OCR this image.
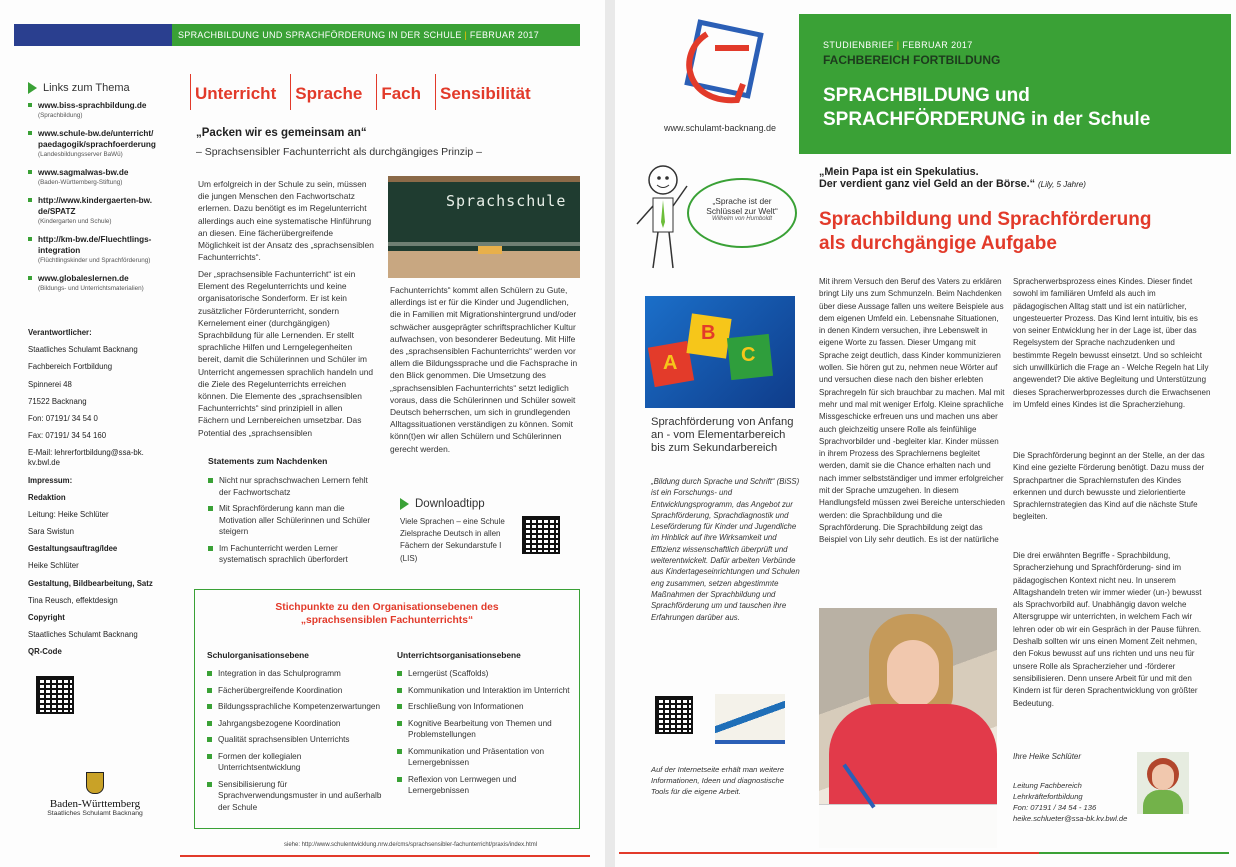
SPRACHBILDUNG UND SPRACHFÖRDERUNG IN DER SCHULE | FEBRUAR 2017
Links zum Thema
www.biss-sprachbildung.de
(Sprachbildung)
www.schule-bw.de/unterricht/ paedagogik/sprachfoerderung
(Landesbildungsserver BaWü)
www.sagmalwas-bw.de
(Baden-Württemberg-Stiftung)
http://www.kindergaerten-bw. de/SPATZ
(Kindergarten und Schule)
http://km-bw.de/Fluechtlings- integration
(Flüchtlingskinder und Sprachförderung)
www.globaleslernen.de
(Bildungs- und Unterrichtsmaterialien)
Verantwortlicher:
Staatliches Schulamt Backnang
Fachbereich Fortbildung
Spinnerei 48
71522 Backnang
Fon: 07191/ 34 54 0
Fax: 07191/ 34 54 160
E-Mail: lehrerfortbildung@ssa-bk. kv.bwl.de
Impressum:
Redaktion
Leitung: Heike Schlüter
Sara Swistun
Gestaltungsauftrag/Idee
Heike Schlüter
Gestaltung, Bildbearbeitung, Satz
Tina Reusch, effektdesign
Copyright
Staatliches Schulamt Backnang
QR-Code
Baden-Württemberg
Staatliches Schulamt Backnang
Unterricht	Sprache	Fach	Sensibilität
„Packen wir es gemeinsam an“
– Sprachsensibler Fachunterricht als durchgängiges Prinzip –
Um erfolgreich in der Schule zu sein, müssen die jungen Menschen den Fachwortschatz erlernen. Dazu benötigt es im Regelunterricht allerdings auch eine systematische Hinführung an diesen. Eine fächerübergreifende Möglichkeit ist der Ansatz des „sprachsensiblen Fachunterrichts“.
Der „sprachsensible Fachunterricht“ ist ein Element des Regelunterrichts und keine organisatorische Sonderform. Er ist kein zusätzlicher Förderunterricht, sondern Kernelement einer (durchgängigen) Sprachbildung für alle Lernenden. Er stellt sprachliche Hilfen und Lerngelegenheiten bereit, damit die Schülerinnen und Schüler im Unterricht angemessen sprachlich handeln und die Ziele des Regelunterrichts erreichen können. Die Elemente des „sprachsensiblen Fachunterrichts“ sind prinzipiell in allen Fächern und Lernbereichen umsetzbar. Das Potential des „sprachsensiblen
Sprachschule
Fachunterrichts“ kommt allen Schülern zu Gute, allerdings ist er für die Kinder und Jugendlichen, die in Familien mit Migrationshintergrund und/oder schwächer ausgeprägter schriftsprachlicher Kultur aufwachsen, von besonderer Bedeutung. Mit Hilfe des „sprachsensiblen Fachunterrichts“ werden vor allem die Bildungssprache und die Fachsprache in den Blick genommen. Die Umsetzung des „sprachsensiblen Fachunterrichts“ setzt lediglich voraus, dass die Schülerinnen und Schüler soweit Deutsch beherrschen, um sich in grundlegenden Alltagssituationen verständigen zu können. Somit könn(t)en wir allen Schülern und Schülerinnen gerecht werden.
Statements zum Nachdenken
Nicht nur sprachschwachen Lernern fehlt der Fachwortschatz
Mit Sprachförderung kann man die Motivation aller Schülerinnen und Schüler steigern
Im Fachunterricht werden Lerner systematisch sprachlich überfordert
Downloadtipp
Viele Sprachen – eine Schule Zielsprache Deutsch in allen Fächern der Sekundarstufe I (LIS)
Stichpunkte zu den Organisationsebenen des
„sprachsensiblen Fachunterrichts“
Schulorganisationsebene
Integration in das Schulprogramm
Fächerübergreifende Koordination
Bildungssprachliche Kompetenzerwartungen
Jahrgangsbezogene Koordination
Qualität sprachsensiblen Unterrichts
Formen der kollegialen Unterrichtsentwicklung
Sensibilisierung für Sprachverwendungsmuster in und außerhalb der Schule
Unterrichtsorganisationsebene
Lerngerüst (Scaffolds)
Kommunikation und Interaktion im Unterricht
Erschließung von Informationen
Kognitive Bearbeitung von Themen und Problemstellungen
Kommunikation und Präsentation von Lernergebnissen
Reflexion von Lernwegen und Lernergebnissen
siehe: http://www.schulentwicklung.nrw.de/cms/sprachsensibler-fachunterricht/praxis/index.html
www.schulamt-backnang.de
STUDIENBRIEF | FEBRUAR 2017
FACHBEREICH FORTBILDUNG
SPRACHBILDUNG und
SPRACHFÖRDERUNG in der Schule
„Sprache ist der
Schlüssel zur Welt“
Wilhelm von Humboldt
„Mein Papa ist ein Spekulatius.
Der verdient ganz viel Geld an der Börse.“ (Lily, 5 Jahre)
Sprachbildung und Sprachförderung
als durchgängige Aufgabe
A
B
C
Sprachförderung von Anfang an - vom Elementarbereich bis zum Sekundarbereich
„Bildung durch Sprache und Schrift“ (BiSS) ist ein Forschungs- und Entwicklungsprogramm, das Angebot zur Sprachförderung, Sprachdiagnostik und Leseförderung für Kinder und Jugendliche im Hinblick auf ihre Wirksamkeit und Effizienz wissenschaftlich überprüft und weiterentwickelt. Dafür arbeiten Verbünde aus Kindertageseinrichtungen und Schulen eng zusammen, setzen abgestimmte Maßnahmen der Sprachbildung und Sprachförderung um und tauschen ihre Erfahrungen darüber aus.
Auf der Internetseite erhält man weitere Informationen, Ideen und diagnostische Tools für die eigene Arbeit.
Mit ihrem Versuch den Beruf des Vaters zu erklären bringt Lily uns zum Schmunzeln. Beim Nachdenken über diese Aussage fallen uns weitere Beispiele aus dem eigenen Umfeld ein. Lebensnahe Situationen, in denen Kindern versuchen, ihre Lebenswelt in eigene Worte zu fassen. Dieser Umgang mit Sprache zeigt deutlich, dass Kinder kommunizieren wollen. Sie hören gut zu, nehmen neue Wörter auf und versuchen diese nach den bisher erlebten Sprachregeln für sich brauchbar zu machen. Mal mit mehr und mal mit weniger Erfolg. Kleine sprachliche Missgeschicke erfreuen uns und machen uns aber auch gleichzeitig unsere Rolle als feinfühlige Sprachvorbilder und -begleiter klar. Kinder müssen in ihrem Prozess des Sprachlernens begleitet werden, damit sie die Chance erhalten nach und nach immer selbstständiger und immer erfolgreicher mit der Sprache umzugehen. In diesem Handlungsfeld müssen zwei Bereiche unterschieden werden: die Sprachbildung und die Sprachförderung. Die Sprachbildung zeigt das Beispiel von Lily sehr deutlich. Es ist der natürliche
Spracherwerbsprozess eines Kindes. Dieser findet sowohl im familiären Umfeld als auch im pädagogischen Alltag statt und ist ein natürlicher, ungesteuerter Prozess. Das Kind lernt intuitiv, bis es von seiner Entwicklung her in der Lage ist, über das Regelsystem der Sprache nachzudenken und bestimmte Regeln bewusst einsetzt. Und so schleicht sich unwillkürlich die Frage an - Welche Regeln hat Lily angewendet? Die aktive Begleitung und Unterstützung dieses Spracherwerbprozesses durch die Erwachsenen im Umfeld eines Kindes ist die Spracherziehung.
Die Sprachförderung beginnt an der Stelle, an der das Kind eine gezielte Förderung benötigt. Dazu muss der Sprachpartner die Sprachlernstufen des Kindes erkennen und durch bewusste und zielorientierte Sprachlernstrategien das Kind auf die nächste Stufe begleiten.
Die drei erwähnten Begriffe - Sprachbildung, Spracherziehung und Sprachförderung- sind im pädagogischen Kontext nicht neu. In unserem Alltagshandeln treten wir immer wieder (un-) bewusst als Sprachvorbild auf. Unabhängig davon welche Altersgruppe wir unterrichten, in welchem Fach wir lehren oder ob wir ein Gespräch in der Pause führen. Deshalb sollten wir uns einen Moment Zeit nehmen, den Fokus bewusst auf uns richten und uns neu für unsere Rolle als Spracherzieher und -förderer sensibilisieren. Denn unsere Arbeit für und mit den Kindern ist für deren Sprachentwicklung von größter Bedeutung.
Ihre Heike Schlüter
Leitung Fachbereich
Lehrkräftefortbildung
Fon: 07191 / 34 54 - 136
heike.schlueter@ssa-bk.kv.bwl.de
